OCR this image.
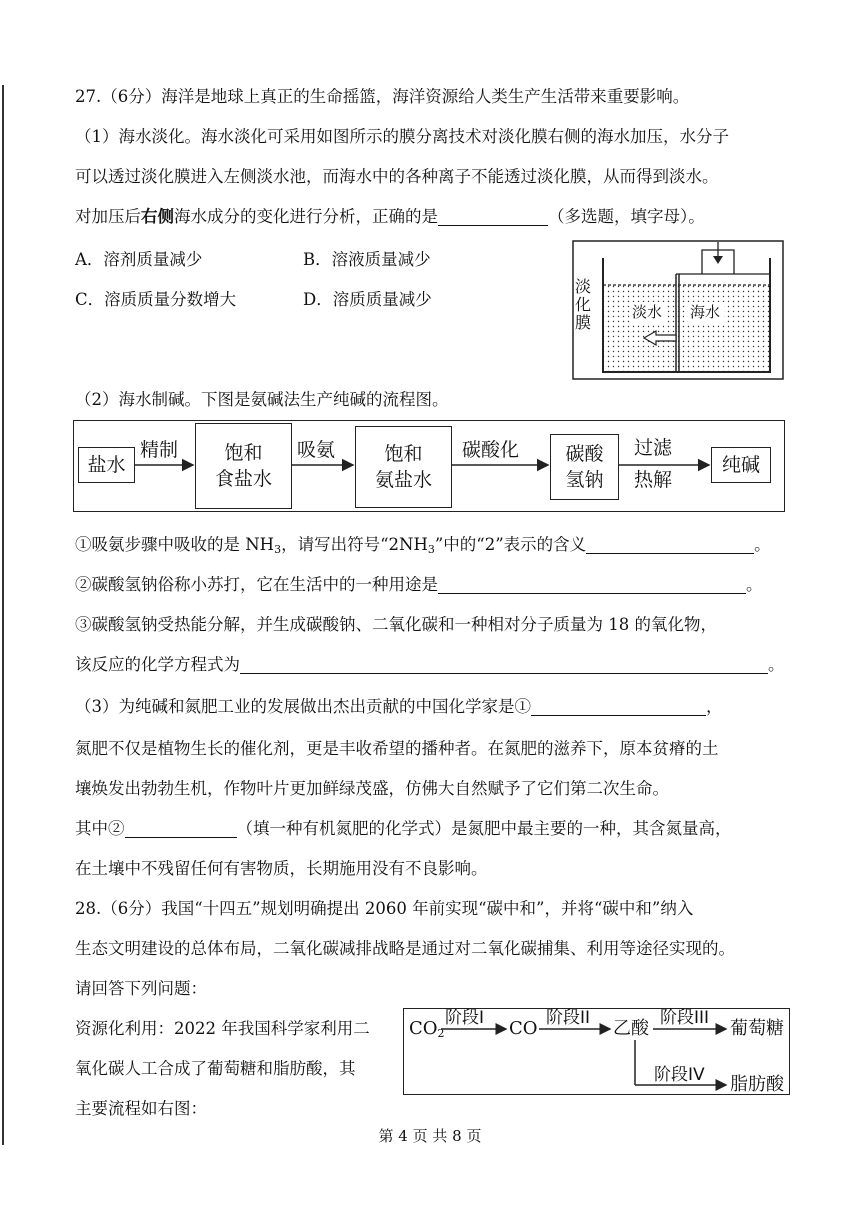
27.（6分）海洋是地球上真正的生命摇篮，海洋资源给人类生产生活带来重要影响。
（1）海水淡化。海水淡化可采用如图所示的膜分离技术对淡化膜右侧的海水加压，水分子
可以透过淡化膜进入左侧淡水池，而海水中的各种离子不能透过淡化膜，从而得到淡水。
对加压后右侧海水成分的变化进行分析，正确的是	（多选题，填字母）。
A．溶剂质量减少	B．溶液质量减少
C．溶质质量分数增大	D．溶质质量减少
淡
化
膜
淡水 海水
（2）海水制碱。下图是氨碱法生产纯碱的流程图。
盐水
精制 饱和
食盐水
吸氨	饱和
氨盐水
碳酸化 碳酸
氢钠
过滤
热解
纯碱
①吸氨步骤中吸收的是 $NH_3$，请写出符号“$2NH_3$”中的“2”表示的含义	。
②碳酸氢钠俗称小苏打，它在生活中的一种用途是	。
③碳酸氢钠受热能分解，并生成碳酸钠、二氧化碳和一种相对分子质量为 18 的氧化物，
该反应的化学方程式为	。
（3）为纯碱和氮肥工业的发展做出杰出贡献的中国化学家是①	，
氮肥不仅是植物生长的催化剂，更是丰收希望的播种者。在氮肥的滋养下，原本贫瘠的土
壤焕发出勃勃生机，作物叶片更加鲜绿茂盛，仿佛大自然赋予了它们第二次生命。
其中②	（填一种有机氮肥的化学式）是氮肥中最主要的一种，其含氮量高，
在土壤中不残留任何有害物质，长期施用没有不良影响。
28.（6分）我国“十四五”规划明确提出 2060 年前实现“碳中和”，并将“碳中和”纳入
生态文明建设的总体布局，二氧化碳减排战略是通过对二氧化碳捕集、利用等途径实现的。
请回答下列问题：
资源化利用：2022 年我国科学家利用二
氧化碳人工合成了葡萄糖和脂肪酸，其
主要流程如右图：
$CO_2$
阶段I CO 阶段II 乙酸 阶段III 葡萄糖
阶段IV 脂肪酸
第 4 页 共 8 页
